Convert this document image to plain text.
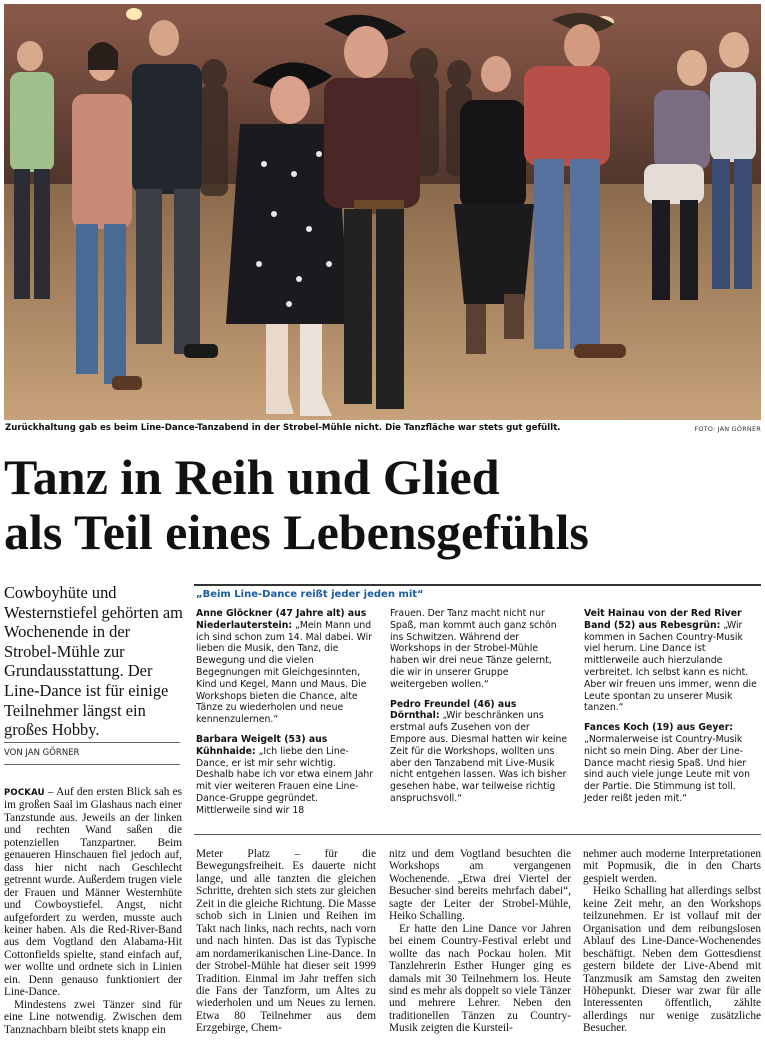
Zurückhaltung gab es beim Line-Dance-Tanzabend in der Strobel-Mühle nicht. Die Tanzfläche war stets gut gefüllt.	FOTO: JAN GÖRNER
Tanz in Reih und Glied
als Teil eines Lebensgefühls
Cowboyhüte und Westernstiefel gehörten am Wochenende in der Strobel-Mühle zur Grundausstattung. Der Line-Dance ist für einige Teilnehmer längst ein großes Hobby.
VON JAN GÖRNER
„Beim Line-Dance reißt jeder jeden mit“

Anne Glöckner (47 Jahre alt) aus Niederlauterstein: „Mein Mann und ich sind schon zum 14. Mal dabei. Wir lieben die Musik, den Tanz, die Bewegung und die vielen Begegnungen mit Gleichgesinnten, Kind und Kegel, Mann und Maus. Die Workshops bieten die Chance, alte Tänze zu wiederholen und neue kennenzulernen.“

Barbara Weigelt (53) aus Kühnhaide: „Ich liebe den Line-Dance, er ist mir sehr wichtig. Deshalb habe ich vor etwa einem Jahr mit vier weiteren Frauen eine Line-Dance-Gruppe gegründet. Mittlerweile sind wir 18

Frauen. Der Tanz macht nicht nur Spaß, man kommt auch ganz schön ins Schwitzen. Während der Workshops in der Strobel-Mühle haben wir drei neue Tänze gelernt, die wir in unserer Gruppe weitergeben wollen.“

Pedro Freundel (46) aus Dörnthal: „Wir beschränken uns erstmal aufs Zusehen von der Empore aus. Diesmal hatten wir keine Zeit für die Workshops, wollten uns aber den Tanzabend mit Live-Musik nicht entgehen lassen. Was ich bisher gesehen habe, war teilweise richtig anspruchsvoll.“

Veit Hainau von der Red River Band (52) aus Rebesgrün: „Wir kommen in Sachen Country-Musik viel herum. Line Dance ist mittlerweile auch hierzulande verbreitet. Ich selbst kann es nicht. Aber wir freuen uns immer, wenn die Leute spontan zu unserer Musik tanzen.“

Fances Koch (19) aus Geyer: „Normalerweise ist Country-Musik nicht so mein Ding. Aber der Line-Dance macht riesig Spaß. Und hier sind auch viele junge Leute mit von der Partie. Die Stimmung ist toll. Jeder reißt jeden mit.“

POCKAU – Auf den ersten Blick sah es im großen Saal im Glashaus nach einer Tanzstunde aus. Jeweils an der linken und rechten Wand saßen die potenziellen Tanzpartner. Beim genaueren Hinschauen fiel jedoch auf, dass hier nicht nach Geschlecht getrennt wurde. Außerdem trugen viele der Frauen und Männer Westernhüte und Cowboystiefel. Angst, nicht aufgefordert zu werden, musste auch keiner haben. Als die Red-River-Band aus dem Vogtland den Alabama-Hit Cottonfields spielte, stand einfach auf, wer wollte und ordnete sich in Linien ein. Denn genauso funktioniert der Line-Dance.

Mindestens zwei Tänzer sind für eine Line notwendig. Zwischen dem Tanznachbarn bleibt stets knapp ein

Meter Platz – für die Bewegungsfreiheit. Es dauerte nicht lange, und alle tanzten die gleichen Schritte, drehten sich stets zur gleichen Zeit in die gleiche Richtung. Die Masse schob sich in Linien und Reihen im Takt nach links, nach rechts, nach vorn und nach hinten. Das ist das Typische am nordamerikanischen Line-Dance. In der Strobel-Mühle hat dieser seit 1999 Tradition. Einmal im Jahr treffen sich die Fans der Tanzform, um Altes zu wiederholen und um Neues zu lernen. Etwa 80 Teilnehmer aus dem Erzgebirge, Chem-

nitz und dem Vogtland besuchten die Workshops am vergangenen Wochenende. „Etwa drei Viertel der Besucher sind bereits mehrfach dabei“, sagte der Leiter der Strobel-Mühle, Heiko Schalling.

Er hatte den Line Dance vor Jahren bei einem Country-Festival erlebt und wollte das nach Pockau holen. Mit Tanzlehrerin Esther Hunger ging es damals mit 30 Teilnehmern los. Heute sind es mehr als doppelt so viele Tänzer und mehrere Lehrer. Neben den traditionellen Tänzen zu Country-Musik zeigten die Kursteil-

nehmer auch moderne Interpretationen mit Popmusik, die in den Charts gespielt werden.

Heiko Schalling hat allerdings selbst keine Zeit mehr, an den Workshops teilzunehmen. Er ist vollauf mit der Organisation und dem reibungslosen Ablauf des Line-Dance-Wochenendes beschäftigt. Neben dem Gottesdienst gestern bildete der Live-Abend mit Tanzmusik am Samstag den zweiten Höhepunkt. Dieser war zwar für alle Interessenten öffentlich, zählte allerdings nur wenige zusätzliche Besucher.
